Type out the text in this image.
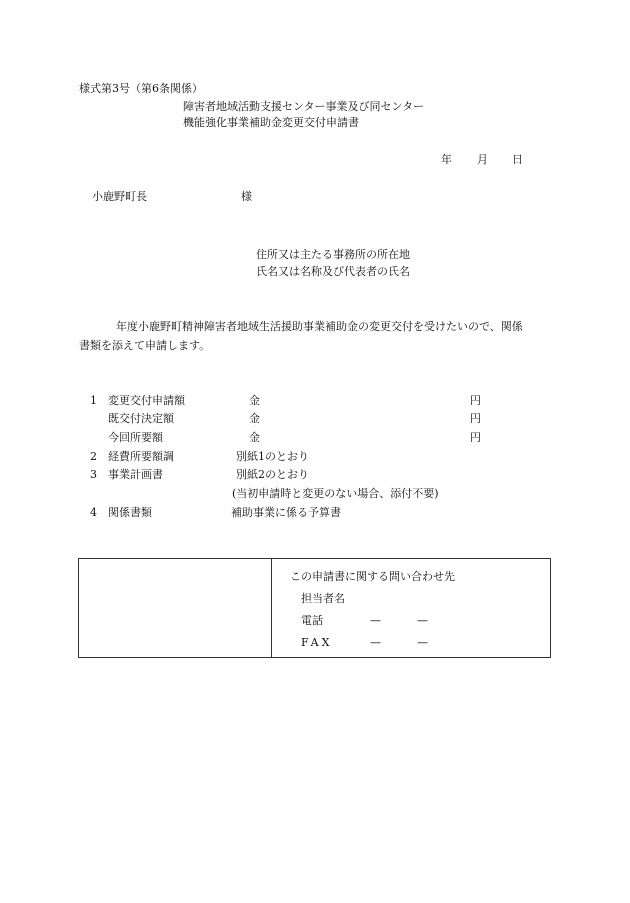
様式第3号（第6条関係）
障害者地域活動支援センター事業及び同センター
機能強化事業補助金変更交付申請書
年 月 日
小鹿野町長	様
住所又は主たる事務所の所在地
氏名又は名称及び代表者の氏名
年度小鹿野町精神障害者地域生活援助事業補助金の変更交付を受けたいので、関係
書類を添えて申請します。
1 変更交付申請額	金	円
既交付決定額	金	円
今回所要額	金	円
2 経費所要額調	別紙1のとおり
3 事業計画書	別紙2のとおり
(当初申請時と変更のない場合、添付不要)
4 関係書類	補助事業に係る予算書
この申請書に関する問い合わせ先
担当者名
電話	—	—
FAX	—	—
